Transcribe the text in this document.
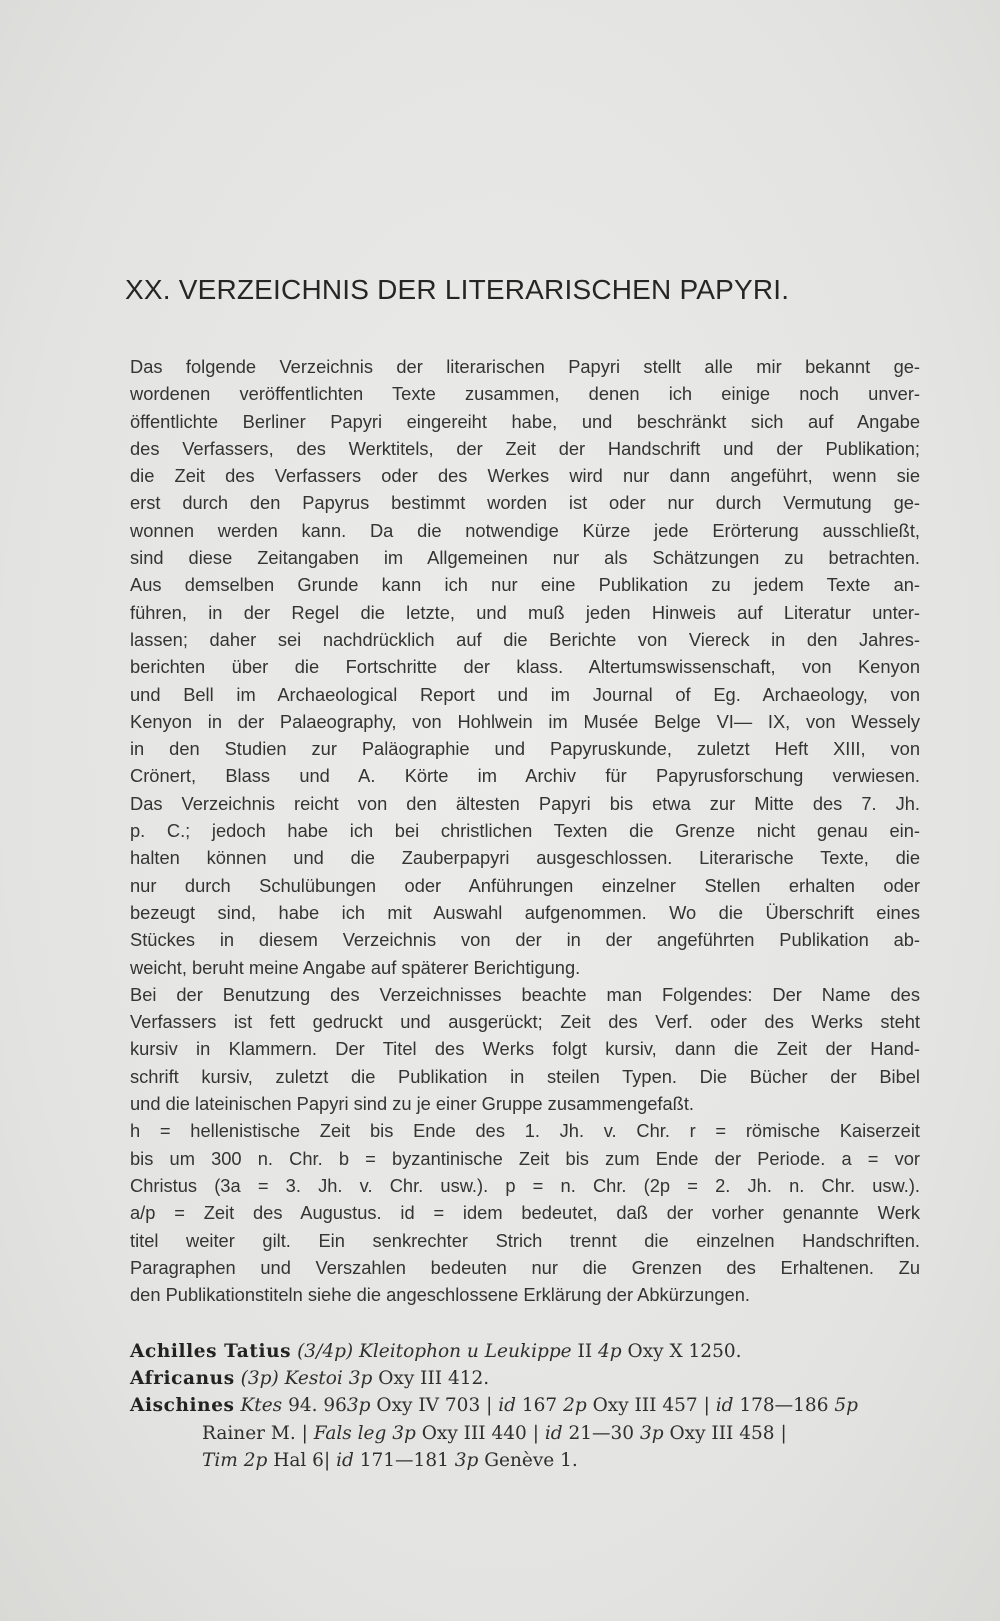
XX. VERZEICHNIS DER LITERARISCHEN PAPYRI.
Das folgende Verzeichnis der literarischen Papyri stellt alle mir bekannt ge-
wordenen veröffentlichten Texte zusammen, denen ich einige noch unver-
öffentlichte Berliner Papyri eingereiht habe, und beschränkt sich auf Angabe
des Verfassers, des Werktitels, der Zeit der Handschrift und der Publikation;
die Zeit des Verfassers oder des Werkes wird nur dann angeführt, wenn sie
erst durch den Papyrus bestimmt worden ist oder nur durch Vermutung ge-
wonnen werden kann. Da die notwendige Kürze jede Erörterung ausschließt,
sind diese Zeitangaben im Allgemeinen nur als Schätzungen zu betrachten.
Aus demselben Grunde kann ich nur eine Publikation zu jedem Texte an-
führen, in der Regel die letzte, und muß jeden Hinweis auf Literatur unter-
lassen; daher sei nachdrücklich auf die Berichte von Viereck in den Jahres-
berichten über die Fortschritte der klass. Altertumswissenschaft, von Kenyon
und Bell im Archaeological Report und im Journal of Eg. Archaeology, von
Kenyon in der Palaeography, von Hohlwein im Musée Belge VI— IX, von Wessely
in den Studien zur Paläographie und Papyruskunde, zuletzt Heft XIII, von
Crönert, Blass und A. Körte im Archiv für Papyrusforschung verwiesen.
Das Verzeichnis reicht von den ältesten Papyri bis etwa zur Mitte des 7. Jh.
p. C.; jedoch habe ich bei christlichen Texten die Grenze nicht genau ein-
halten können und die Zauberpapyri ausgeschlossen. Literarische Texte, die
nur durch Schulübungen oder Anführungen einzelner Stellen erhalten oder
bezeugt sind, habe ich mit Auswahl aufgenommen. Wo die Überschrift eines
Stückes in diesem Verzeichnis von der in der angeführten Publikation ab-
weicht, beruht meine Angabe auf späterer Berichtigung.
Bei der Benutzung des Verzeichnisses beachte man Folgendes: Der Name des
Verfassers ist fett gedruckt und ausgerückt; Zeit des Verf. oder des Werks steht
kursiv in Klammern. Der Titel des Werks folgt kursiv, dann die Zeit der Hand-
schrift kursiv, zuletzt die Publikation in steilen Typen. Die Bücher der Bibel
und die lateinischen Papyri sind zu je einer Gruppe zusammengefaßt.
h = hellenistische Zeit bis Ende des 1. Jh. v. Chr. r = römische Kaiserzeit
bis um 300 n. Chr. b = byzantinische Zeit bis zum Ende der Periode. a = vor
Christus (3a = 3. Jh. v. Chr. usw.). p = n. Chr. (2p = 2. Jh. n. Chr. usw.).
a/p = Zeit des Augustus. id = idem bedeutet, daß der vorher genannte Werk
titel weiter gilt. Ein senkrechter Strich trennt die einzelnen Handschriften.
Paragraphen und Verszahlen bedeuten nur die Grenzen des Erhaltenen. Zu
den Publikationstiteln siehe die angeschlossene Erklärung der Abkürzungen.
Achilles Tatius (3/4p) Kleitophon u Leukippe II 4p Oxy X 1250.
Africanus (3p) Kestoi 3p Oxy III 412.
Aischines Ktes 94. 963p Oxy IV 703 | id 167 2p Oxy III 457 | id 178—186 5p
Rainer M. | Fals leg 3p Oxy III 440 | id 21—30 3p Oxy III 458 |
Tim 2p Hal 6| id 171—181 3p Genève 1.
